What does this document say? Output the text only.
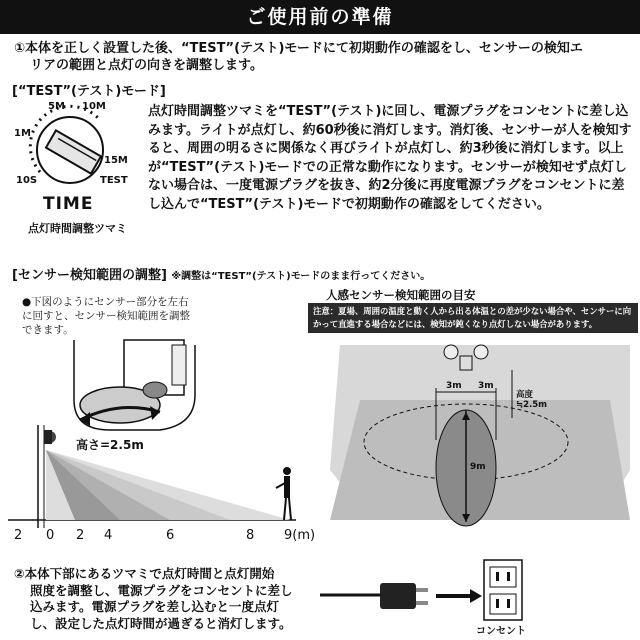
ご使用前の準備
①本体を正しく設置した後、“TEST”(テスト)モードにて初期動作の確認をし、センサーの検知エ
リアの範囲と点灯の向きを調整します。
[“TEST”(テスト)モード]
点灯時間調整ツマミを“TEST”(テスト)に回し、電源プラグをコンセントに差し込みます。ライトが点灯し、約60秒後に消灯します。消灯後、センサーが人を検知すると、周囲の明るさに関係なく再びライトが点灯し、約3秒後に消灯します。以上が“TEST”(テスト)モードでの正常な動作になります。センサーが検知せず点灯しない場合は、一度電源プラグを抜き、約2分後に再度電源プラグをコンセントに差し込んで“TEST”(テスト)モードで初期動作の確認をしてください。
5M 10M
1M
15M
10S	TEST
TIME
点灯時間調整ツマミ
[センサー検知範囲の調整] ※調整は“TEST”(テスト)モードのまま行ってください。
●下図のようにセンサー部分を左右に回すと、センサー検知範囲を調整できます。
高さ=2.5m
2 0 2 4	6	8 9(m)
人感センサー検知範囲の目安
注意：夏場、周囲の温度と動く人から出る体温との差が少ない場合や、センサーに向かって直進する場合などには、検知が鈍くなり点灯しない場合があります。
3m 3m
高度≒2.5m
9m
②本体下部にあるツマミで点灯時間と点灯開始
照度を調整し、電源プラグをコンセントに差し
込みます。電源プラグを差し込むと一度点灯
し、設定した点灯時間が過ぎると消灯します。
コンセント
